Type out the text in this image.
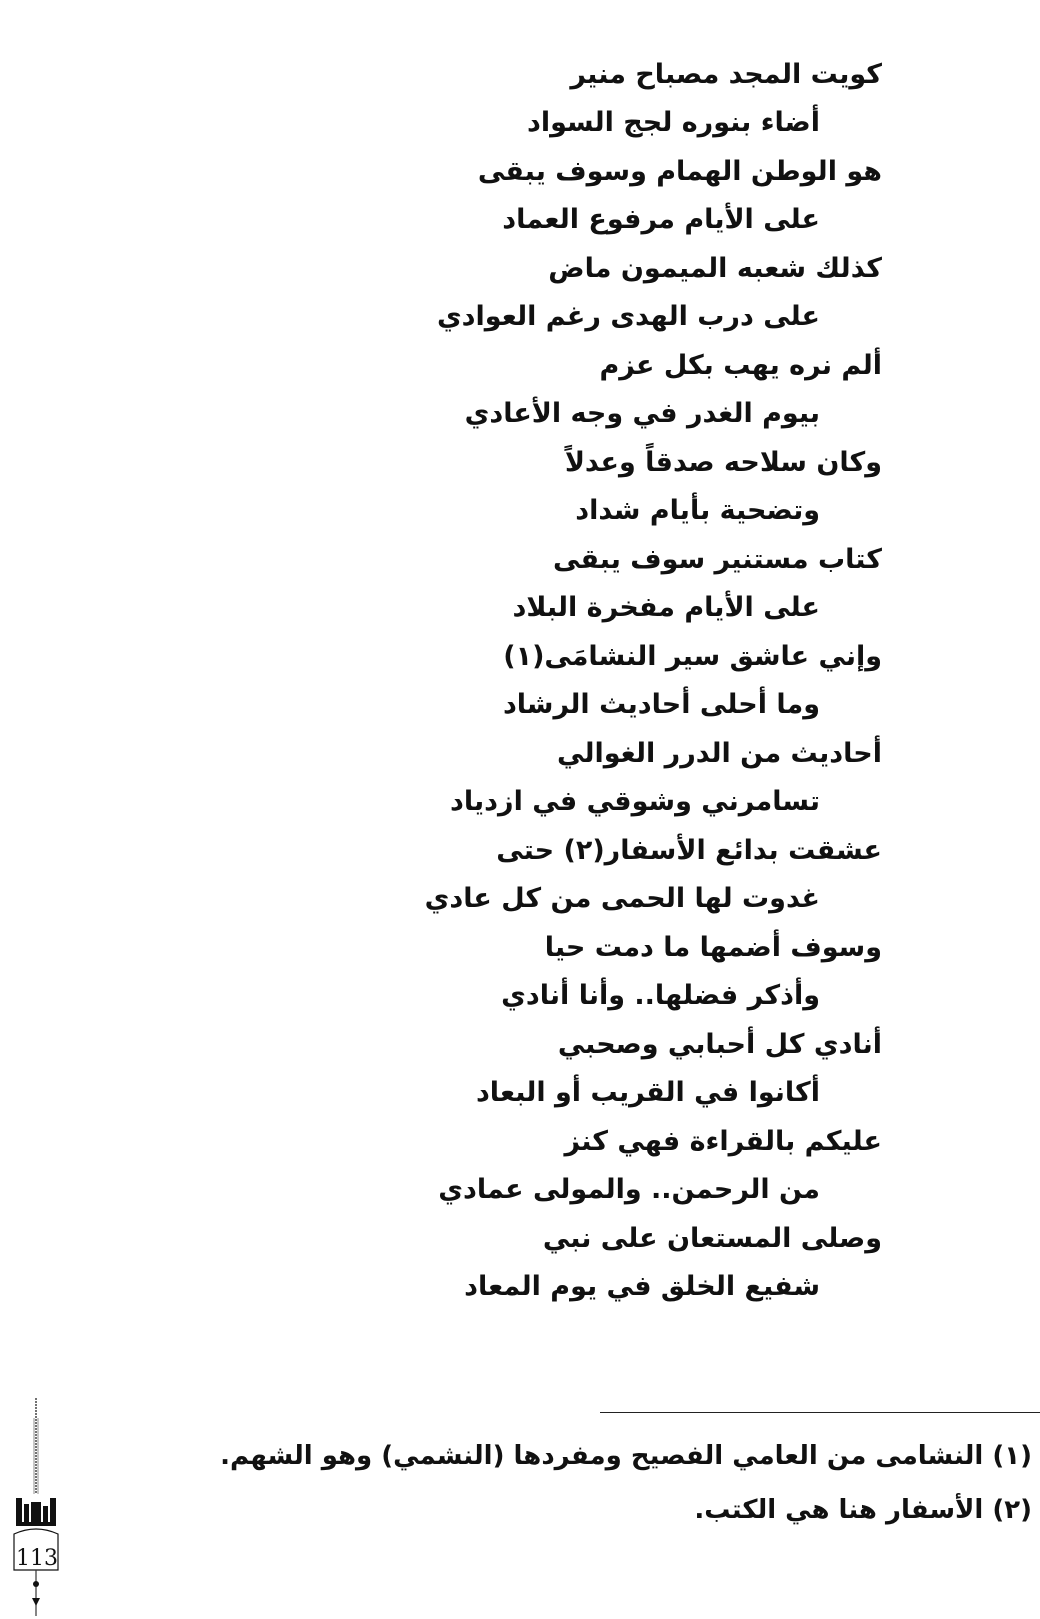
كويت المجد مصباح منير
أضاء بنوره لجج السواد
هو الوطن الهمام وسوف يبقى
على الأيام مرفوع العماد
كذلك شعبه الميمون ماض
على درب الهدى رغم العوادي
ألم نره يهب بكل عزم
بيوم الغدر في وجه الأعادي
وكان سلاحه صدقاً وعدلاً
وتضحية بأيام شداد
كتاب مستنير سوف يبقى
على الأيام مفخرة البلاد
وإني عاشق سير النشامَى(١)
وما أحلى أحاديث الرشاد
أحاديث من الدرر الغوالي
تسامرني وشوقي في ازدياد
عشقت بدائع الأسفار(٢) حتى
غدوت لها الحمى من كل عادي
وسوف أضمها ما دمت حيا
وأذكر فضلها.. وأنا أنادي
أنادي كل أحبابي وصحبي
أكانوا في القريب أو البعاد
عليكم بالقراءة فهي كنز
من الرحمن.. والمولى عمادي
وصلى المستعان على نبي
شفيع الخلق في يوم المعاد
(١) النشامى من العامي الفصيح ومفردها (النشمي) وهو الشهم.
(٢) الأسفار هنا هي الكتب.
113
